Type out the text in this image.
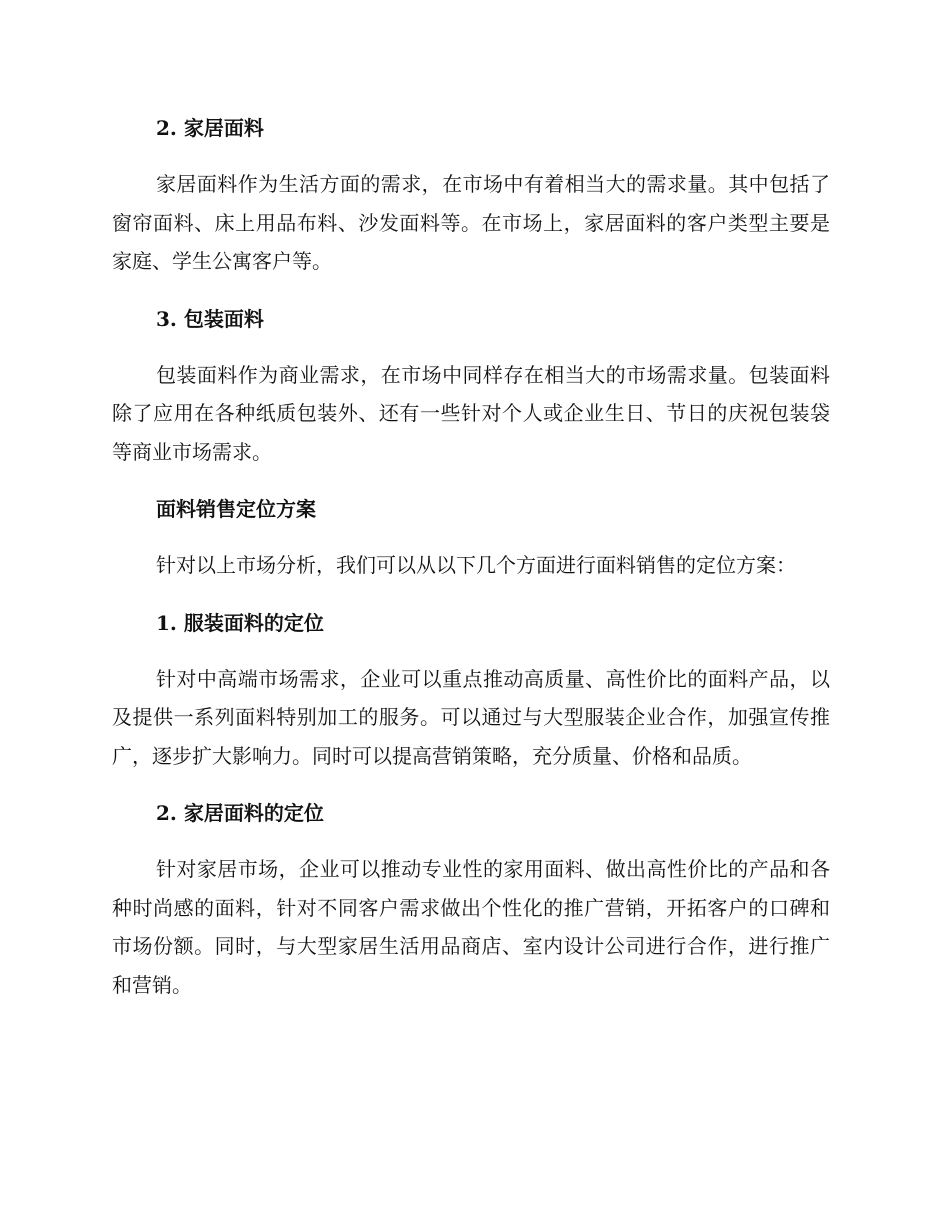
2. 家居面料

家居面料作为生活方面的需求，在市场中有着相当大的需求量。其中包括了窗帘面料、床上用品布料、沙发面料等。在市场上，家居面料的客户类型主要是家庭、学生公寓客户等。

3. 包装面料

包装面料作为商业需求，在市场中同样存在相当大的市场需求量。包装面料除了应用在各种纸质包装外、还有一些针对个人或企业生日、节日的庆祝包装袋等商业市场需求。

面料销售定位方案

针对以上市场分析，我们可以从以下几个方面进行面料销售的定位方案：

1. 服装面料的定位

针对中高端市场需求，企业可以重点推动高质量、高性价比的面料产品，以及提供一系列面料特别加工的服务。可以通过与大型服装企业合作，加强宣传推广，逐步扩大影响力。同时可以提高营销策略，充分质量、价格和品质。

2. 家居面料的定位

针对家居市场，企业可以推动专业性的家用面料、做出高性价比的产品和各种时尚感的面料，针对不同客户需求做出个性化的推广营销，开拓客户的口碑和市场份额。同时，与大型家居生活用品商店、室内设计公司进行合作，进行推广和营销。
